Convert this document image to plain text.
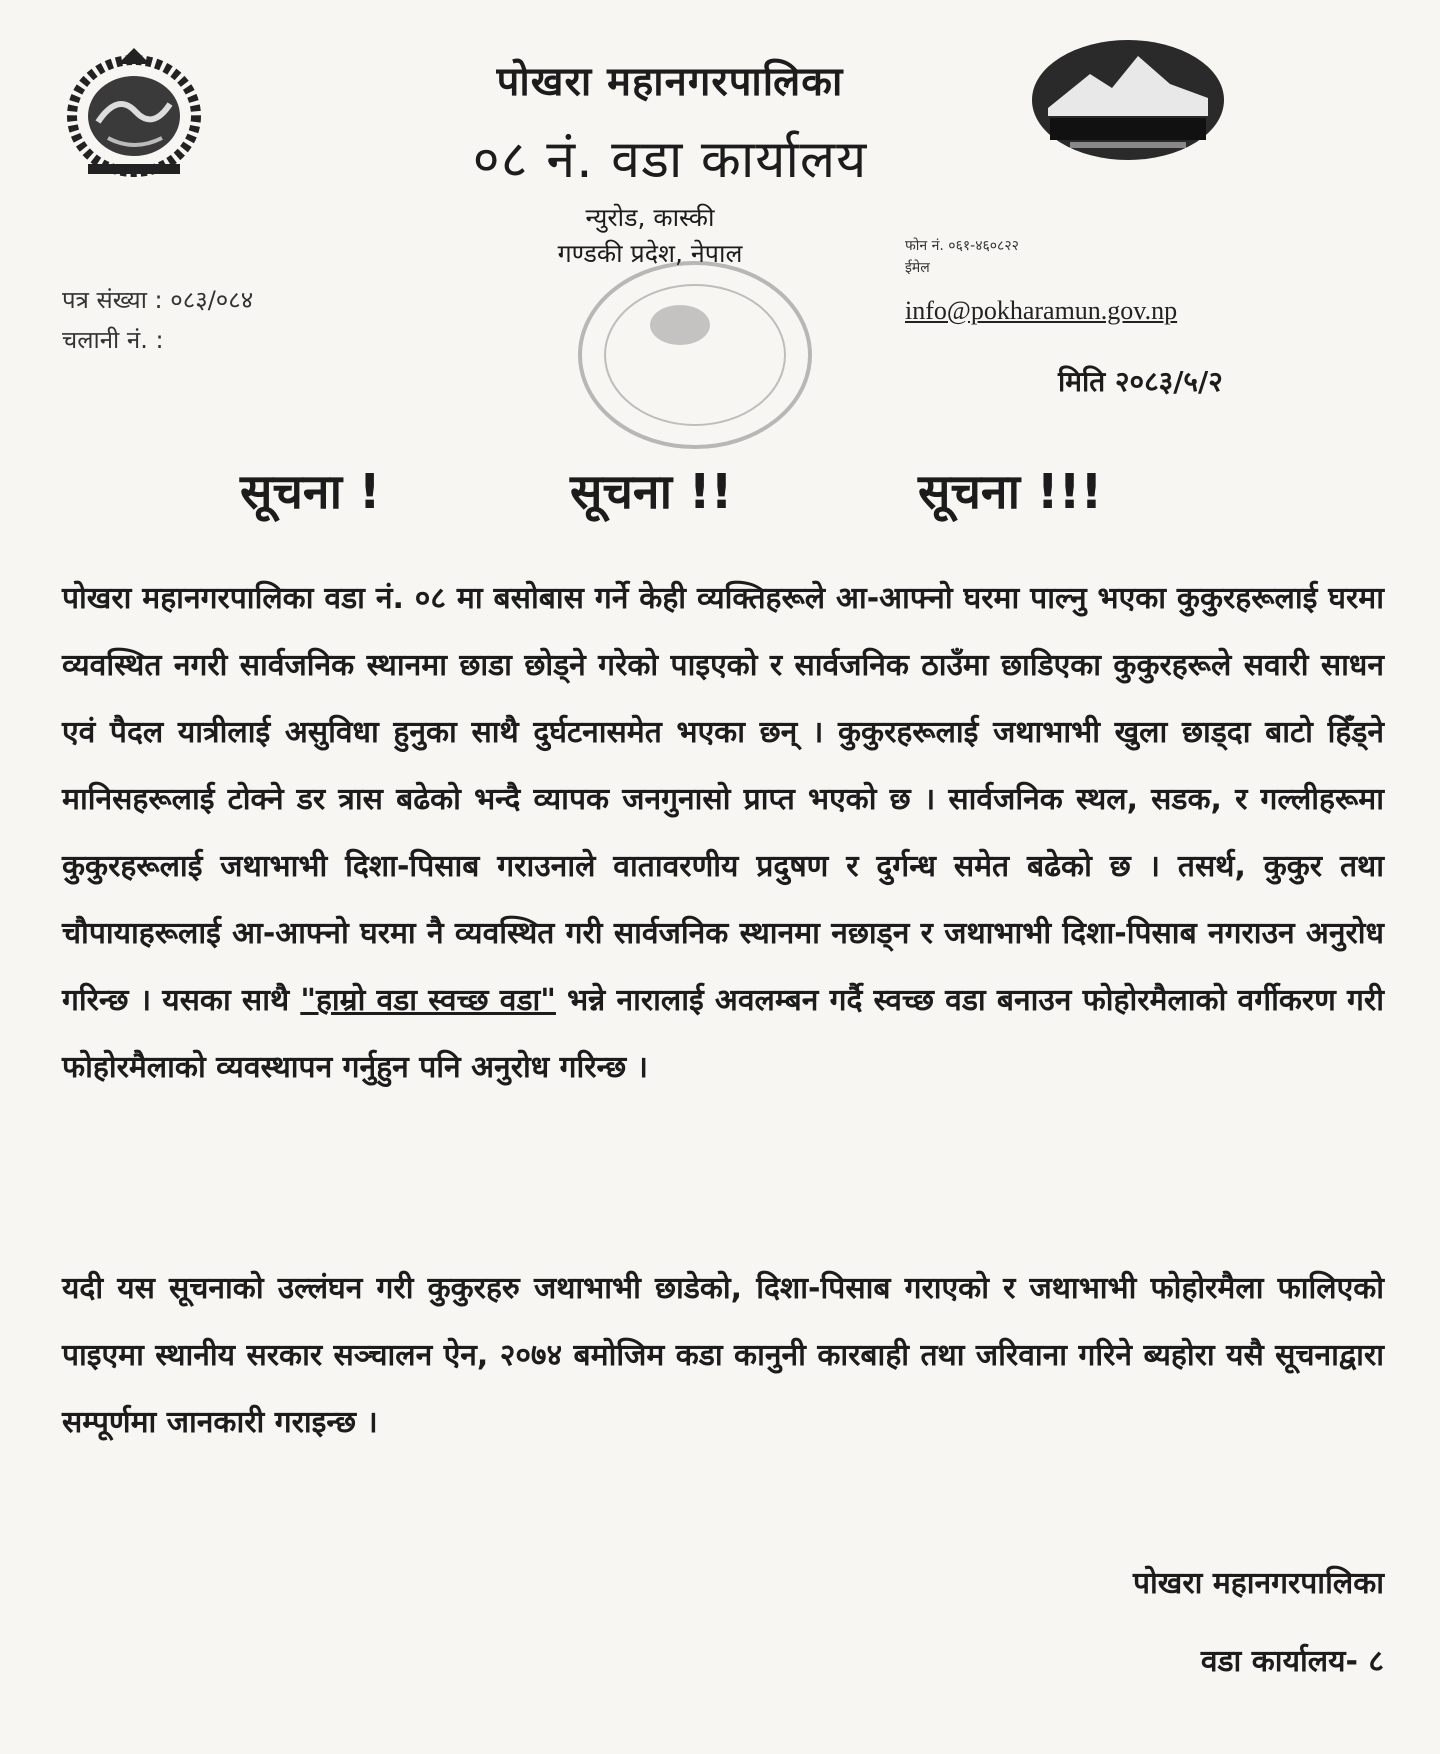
पोखरा महानगरपालिका
०८ नं. वडा कार्यालय
न्युरोड, कास्की
गण्डकी प्रदेश, नेपाल
पत्र संख्या : ०८३/०८४
चलानी नं. :
फोन नं. ०६१-४६०८२२
ईमेल
info@pokharamun.gov.np
मिति २०८३/५/२
सूचना !	सूचना !!	सूचना !!!
पोखरा महानगरपालिका वडा नं. ०८ मा बसोबास गर्ने केही व्यक्तिहरूले आ-आफ्नो घरमा पाल्नु भएका कुकुरहरूलाई घरमा व्यवस्थित नगरी सार्वजनिक स्थानमा छाडा छोड्ने गरेको पाइएको र सार्वजनिक ठाउँमा छाडिएका कुकुरहरूले सवारी साधन एवं पैदल यात्रीलाई असुविधा हुनुका साथै दुर्घटनासमेत भएका छन् । कुकुरहरूलाई जथाभाभी खुला छाड्दा बाटो हिँड्ने मानिसहरूलाई टोक्ने डर त्रास बढेको भन्दै व्यापक जनगुनासो प्राप्त भएको छ । सार्वजनिक स्थल, सडक, र गल्लीहरूमा कुकुरहरूलाई जथाभाभी दिशा-पिसाब गराउनाले वातावरणीय प्रदुषण र दुर्गन्ध समेत बढेको छ । तसर्थ, कुकुर तथा चौपायाहरूलाई आ-आफ्नो घरमा नै व्यवस्थित गरी सार्वजनिक स्थानमा नछाड्न र जथाभाभी दिशा-पिसाब नगराउन अनुरोध गरिन्छ । यसका साथै "हाम्रो वडा स्वच्छ वडा" भन्ने नारालाई अवलम्बन गर्दै स्वच्छ वडा बनाउन फोहोरमैलाको वर्गीकरण गरी फोहोरमैलाको व्यवस्थापन गर्नुहुन पनि अनुरोध गरिन्छ ।
यदी यस सूचनाको उल्लंघन गरी कुकुरहरु जथाभाभी छाडेको, दिशा-पिसाब गराएको र जथाभाभी फोहोरमैला फालिएको पाइएमा स्थानीय सरकार सञ्चालन ऐन, २०७४ बमोजिम कडा कानुनी कारबाही तथा जरिवाना गरिने ब्यहोरा यसै सूचनाद्वारा सम्पूर्णमा जानकारी गराइन्छ ।
पोखरा महानगरपालिका
वडा कार्यालय- ८
